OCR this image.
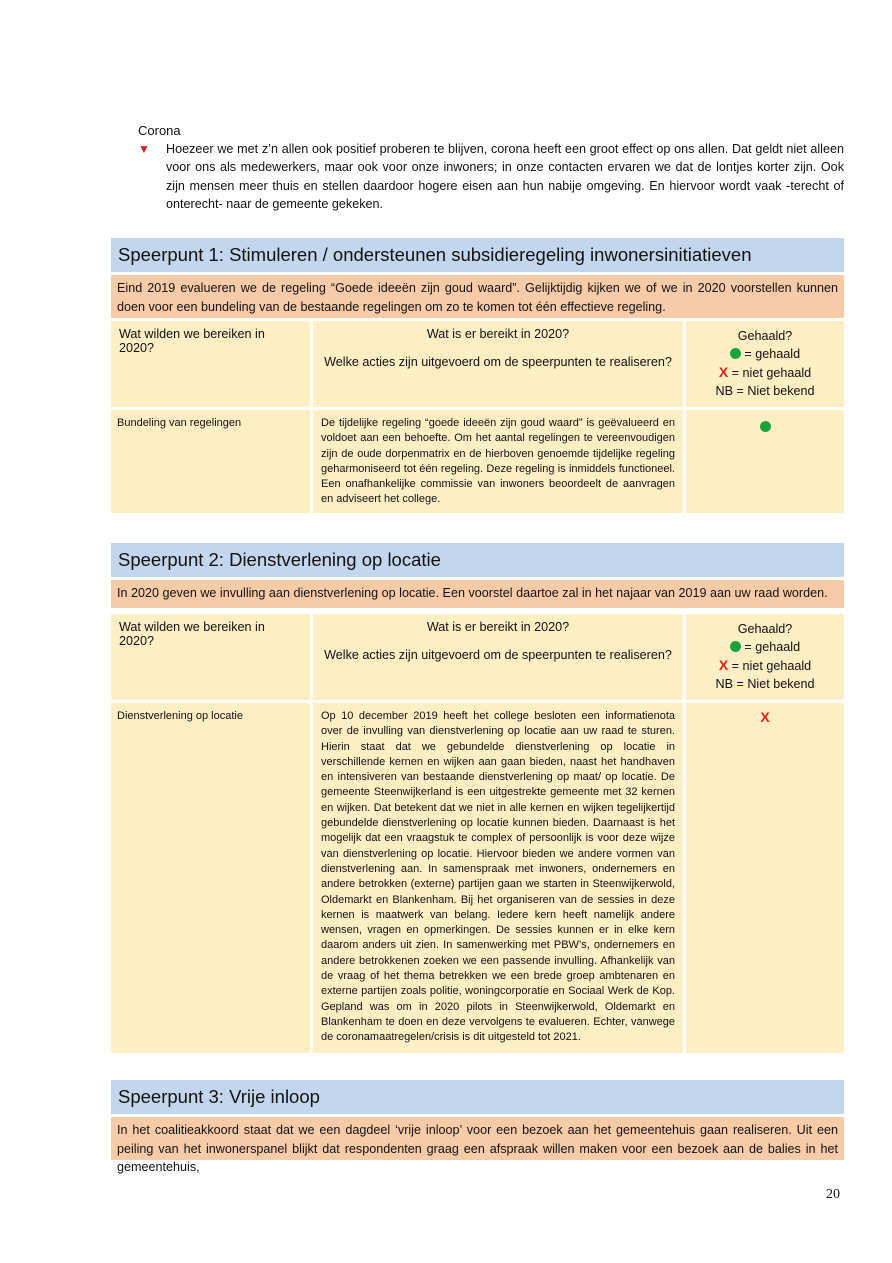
Corona
▼ Hoezeer we met z’n allen ook positief proberen te blijven, corona heeft een groot effect op ons allen. Dat geldt niet alleen voor ons als medewerkers, maar ook voor onze inwoners; in onze contacten ervaren we dat de lontjes korter zijn. Ook zijn mensen meer thuis en stellen daardoor hogere eisen aan hun nabije omgeving. En hiervoor wordt vaak -terecht of onterecht- naar de gemeente gekeken.
Speerpunt 1: Stimuleren / ondersteunen subsidieregeling inwonersinitiatieven
Eind 2019 evalueren we de regeling “Goede ideeën zijn goud waard”. Gelijktijdig kijken we of we in 2020 voorstellen kunnen doen voor een bundeling van de bestaande regelingen om zo te komen tot één effectieve regeling.
Wat wilden we bereiken in 2020?
Wat is er bereikt in 2020?
Welke acties zijn uitgevoerd om de speerpunten te realiseren?
Gehaald?
= gehaald
X = niet gehaald
NB = Niet bekend
Bundeling van regelingen	De tijdelijke regeling “goede ideeën zijn goud waard” is geëvalueerd en voldoet aan een behoefte. Om het aantal regelingen te vereenvoudigen zijn de oude dorpenmatrix en de hierboven genoemde tijdelijke regeling geharmoniseerd tot één regeling. Deze regeling is inmiddels functioneel. Een onafhankelijke commissie van inwoners beoordeelt de aanvragen en adviseert het college.
Speerpunt 2: Dienstverlening op locatie
In 2020 geven we invulling aan dienstverlening op locatie. Een voorstel daartoe zal in het najaar van 2019 aan uw raad worden.
Wat wilden we bereiken in 2020?
Wat is er bereikt in 2020?
Welke acties zijn uitgevoerd om de speerpunten te realiseren?
Gehaald?
= gehaald
X = niet gehaald
NB = Niet bekend
Dienstverlening op locatie	Op 10 december 2019 heeft het college besloten een informatienota over de invulling van dienstverlening op locatie aan uw raad te sturen. Hierin staat dat we gebundelde dienstverlening op locatie in verschillende kernen en wijken aan gaan bieden, naast het handhaven en intensiveren van bestaande dienstverlening op maat/ op locatie. De gemeente Steenwijkerland is een uitgestrekte gemeente met 32 kernen en wijken. Dat betekent dat we niet in alle kernen en wijken tegelijkertijd gebundelde dienstverlening op locatie kunnen bieden. Daarnaast is het mogelijk dat een vraagstuk te complex of persoonlijk is voor deze wijze van dienstverlening op locatie. Hiervoor bieden we andere vormen van dienstverlening aan. In samenspraak met inwoners, ondernemers en andere betrokken (externe) partijen gaan we starten in Steenwijkerwold, Oldemarkt en Blankenham. Bij het organiseren van de sessies in deze kernen is maatwerk van belang. Iedere kern heeft namelijk andere wensen, vragen en opmerkingen. De sessies kunnen er in elke kern daarom anders uit zien. In samenwerking met PBW’s, ondernemers en andere betrokkenen zoeken we een passende invulling. Afhankelijk van de vraag of het thema betrekken we een brede groep ambtenaren en externe partijen zoals politie, woningcorporatie en Sociaal Werk de Kop. Gepland was om in 2020 pilots in Steenwijkerwold, Oldemarkt en Blankenham te doen en deze vervolgens te evalueren. Echter, vanwege de coronamaatregelen/crisis is dit uitgesteld tot 2021.
X
Speerpunt 3: Vrije inloop
In het coalitieakkoord staat dat we een dagdeel ‘vrije inloop’ voor een bezoek aan het gemeentehuis gaan realiseren. Uit een peiling van het inwonerspanel blijkt dat respondenten graag een afspraak willen maken voor een bezoek aan de balies in het gemeentehuis,
20
